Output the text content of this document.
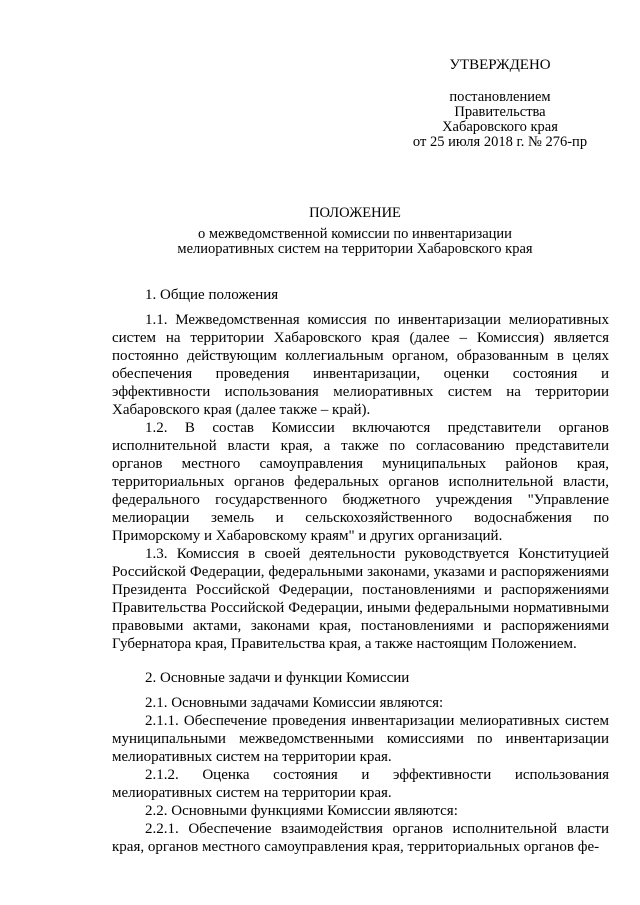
УТВЕРЖДЕНО
постановлением
Правительства
Хабаровского края
от 25 июля 2018 г. № 276-пр
ПОЛОЖЕНИЕ
о межведомственной комиссии по инвентаризации
мелиоративных систем на территории Хабаровского края

1. Общие положения

1.1. Межведомственная комиссия по инвентаризации мелиоративных систем на территории Хабаровского края (далее – Комиссия) является постоянно действующим коллегиальным органом, образованным в целях обеспечения проведения инвентаризации, оценки состояния и эффективности использования мелиоративных систем на территории Хабаровского края (далее также – край).

1.2. В состав Комиссии включаются представители органов исполнительной власти края, а также по согласованию представители органов местного самоуправления муниципальных районов края, территориальных органов федеральных органов исполнительной власти, федерального государственного бюджетного учреждения "Управление мелиорации земель и сельскохозяйственного водоснабжения по Приморскому и Хабаровскому краям" и других организаций.

1.3. Комиссия в своей деятельности руководствуется Конституцией Российской Федерации, федеральными законами, указами и распоряжениями Президента Российской Федерации, постановлениями и распоряжениями Правительства Российской Федерации, иными федеральными нормативными правовыми актами, законами края, постановлениями и распоряжениями Губернатора края, Правительства края, а также настоящим Положением.

2. Основные задачи и функции Комиссии

2.1. Основными задачами Комиссии являются:

2.1.1. Обеспечение проведения инвентаризации мелиоративных систем муниципальными межведомственными комиссиями по инвентаризации мелиоративных систем на территории края.

2.1.2. Оценка состояния и эффективности использования мелиоративных систем на территории края.

2.2. Основными функциями Комиссии являются:

2.2.1. Обеспечение взаимодействия органов исполнительной власти края, органов местного самоуправления края, территориальных органов фе-
